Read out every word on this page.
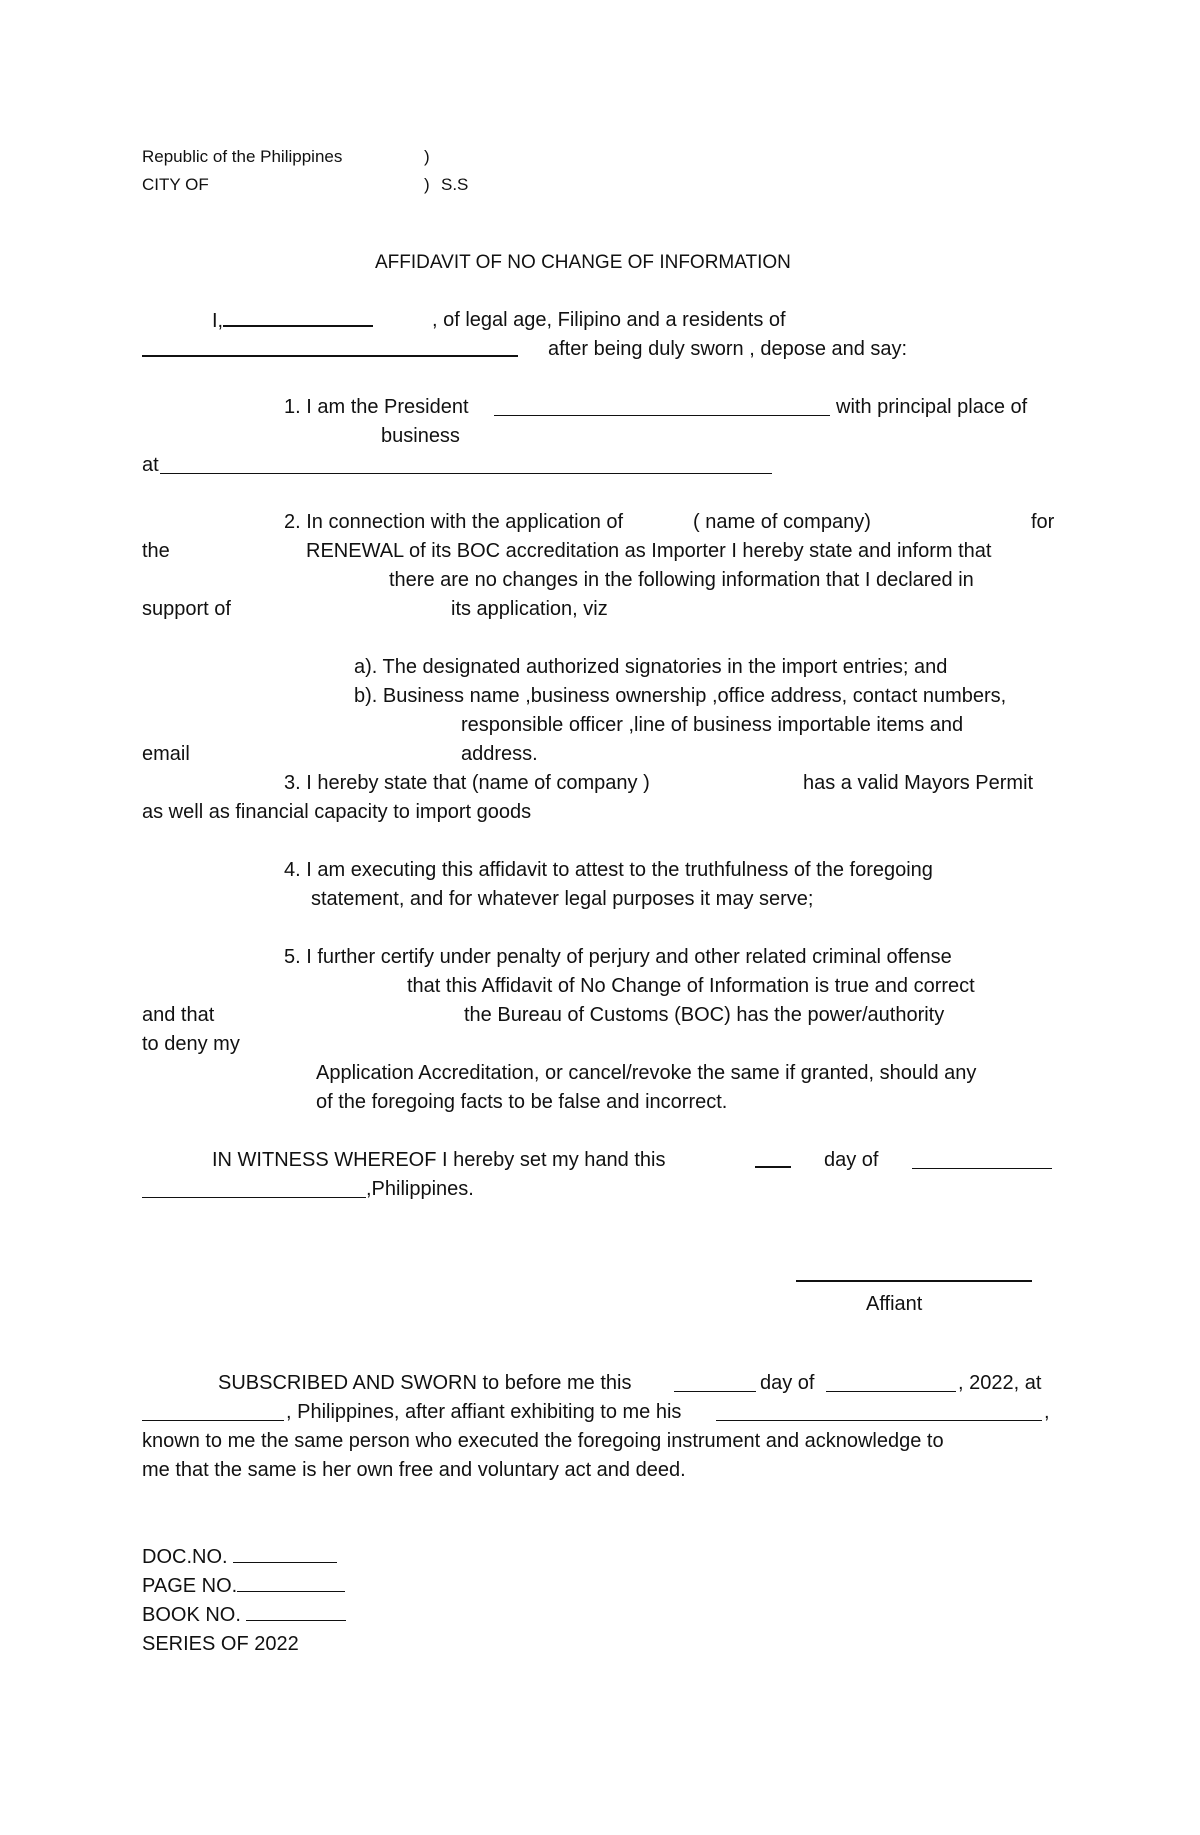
Republic of the Philippines	)
CITY OF	) S.S
AFFIDAVIT OF NO CHANGE OF INFORMATION
I,	, of legal age, Filipino and a residents of
after being duly sworn , depose and say:
1. I am the President	with principal place of
business
at
2. In connection with the application of	( name of company)	for
the	RENEWAL of its BOC accreditation as Importer I hereby state and inform that
there are no changes in the following information that I declared in
support of	its application, viz
a). The designated authorized signatories in the import entries; and
b). Business name ,business ownership ,office address, contact numbers,
responsible officer ,line of business importable items and
email	address.
3. I hereby state that (name of company )	has a valid Mayors Permit
as well as financial capacity to import goods
4. I am executing this affidavit to attest to the truthfulness of the foregoing
statement, and for whatever legal purposes it may serve;
5. I further certify under penalty of perjury and other related criminal offense
that this Affidavit of No Change of Information is true and correct
and that	the Bureau of Customs (BOC) has the power/authority
to deny my
Application Accreditation, or cancel/revoke the same if granted, should any
of the foregoing facts to be false and incorrect.
IN WITNESS WHEREOF I hereby set my hand this	day of
,Philippines.
Affiant
SUBSCRIBED AND SWORN to before me this	day of	, 2022, at
, Philippines, after affiant exhibiting to me his	,
known to me the same person who executed the foregoing instrument and acknowledge to
me that the same is her own free and voluntary act and deed.
DOC.NO.
PAGE NO.
BOOK NO.
SERIES OF 2022
